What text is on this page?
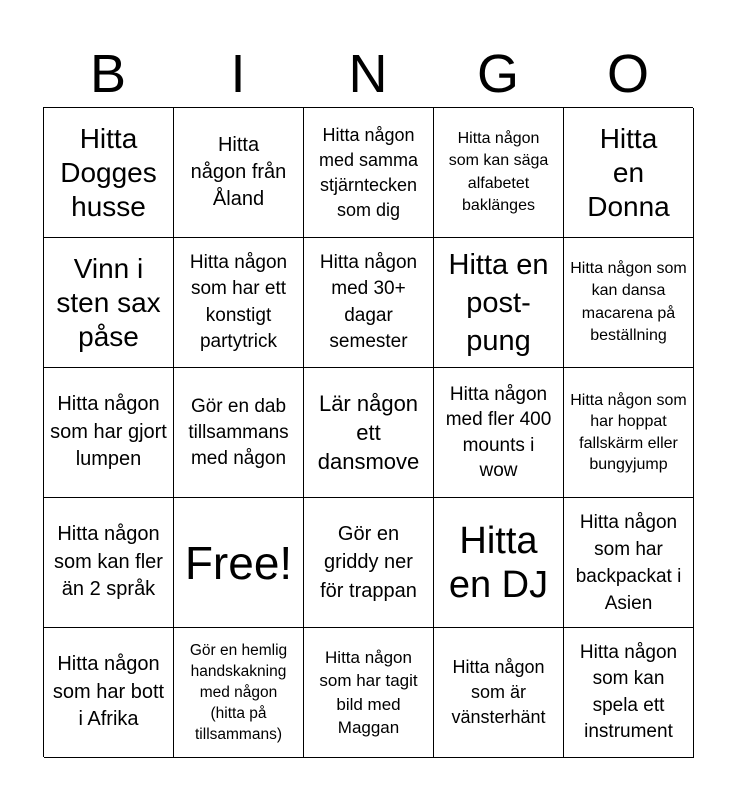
B	I	N	G	O
Hitta Dogges husse
Hitta någon från Åland
Hitta någon med samma stjärntecken som dig
Hitta någon som kan säga alfabetet baklänges
Hitta en Donna
Vinn i sten sax påse
Hitta någon som har ett konstigt partytrick
Hitta någon med 30+ dagar semester
Hitta en post-pung
Hitta någon som kan dansa macarena på beställning
Hitta någon som har gjort lumpen
Gör en dab tillsammans med någon
Lär någon ett dansmove
Hitta någon med fler 400 mounts i wow
Hitta någon som har hoppat fallskärm eller bungyjump
Hitta någon som kan fler än 2 språk
Free!
Gör en griddy ner för trappan
Hitta en DJ
Hitta någon som har backpackat i Asien
Hitta någon som har bott i Afrika
Gör en hemlig handskakning med någon (hitta på tillsammans)
Hitta någon som har tagit bild med Maggan
Hitta någon som är vänsterhänt
Hitta någon som kan spela ett instrument
